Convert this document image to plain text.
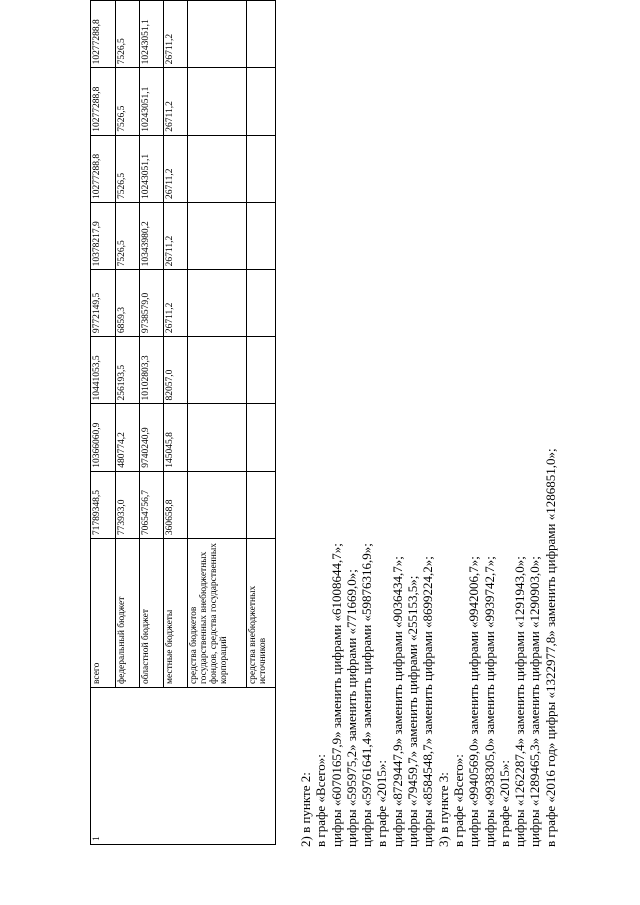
1	всего	71789348,5	10366060,9	10441053,5	9772149,5	10378217,9	10277288,8	10277288,8	10277288,8
	федеральный бюджет	773933,0	480774,2	256193,5	6859,3	7526,5	7526,5	7526,5	7526,5
	областной бюджет	70654756,7	9740240,9	10102803,3	9738579,0	10343980,2	10243051,1	10243051,1	10243051,1
	местные бюджеты	360658,8	145045,8	82057,0	26711,2	26711,2	26711,2	26711,2	26711,2
	средства бюджетов государственных внебюджетных фондов, средства государственных корпораций								
	средства внебюджетных источников								
2) в пункте 2: в графе «Всего»: цифры «60701657,9» заменить цифрами «61008644,7»; цифры «595975,2» заменить цифрами «771669,0»; цифры «59761641,4» заменить цифрами «59876316,9»; в графе «2015»: цифры «8729447,9» заменить цифрами «9036434,7»; цифры «79459,7» заменить цифрами «255153,5»; цифры «8584548,7» заменить цифрами «8699224,2»; 3) в пункте 3: в графе «Всего»: цифры «9940569,0» заменить цифрами «9942006,7»; цифры «9938305,0» заменить цифрами «9939742,7»; в графе «2015»: цифры «1262287,4» заменить цифрами «1291943,0»; цифры «1289465,3» заменить цифрами «1290903,0»; в графе «2016 год» цифры «1322977,8» заменить цифрами «1286851,0»;
